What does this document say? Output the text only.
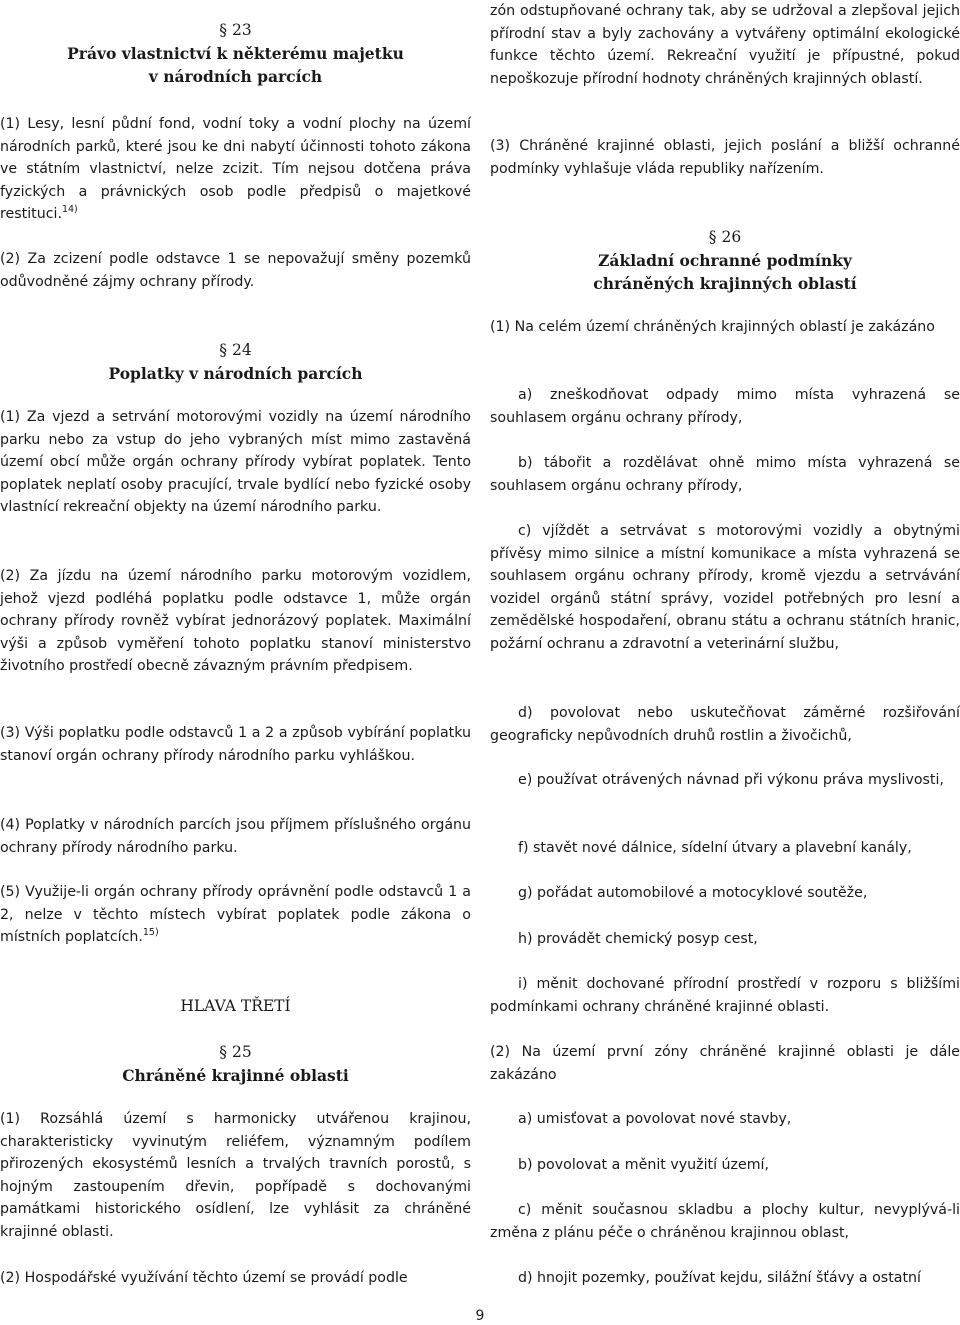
§ 23
Právo vlastnictví k některému majetku
v národních parcích
(1) Lesy, lesní půdní fond, vodní toky a vodní plochy na území národních parků, které jsou ke dni nabytí účinnosti tohoto zákona ve státním vlastnictví, nelze zcizit. Tím nejsou dotčena práva fyzických a právnických osob podle předpisů o majetkové restituci.$^{14)}$
(2) Za zcizení podle odstavce 1 se nepovažují směny pozemků odůvodněné zájmy ochrany přírody.
§ 24
Poplatky v národních parcích
(1) Za vjezd a setrvání motorovými vozidly na území národního parku nebo za vstup do jeho vybraných míst mimo zastavěná území obcí může orgán ochrany přírody vybírat poplatek. Tento poplatek neplatí osoby pracující, trvale bydlící nebo fyzické osoby vlastnící rekreační objekty na území národního parku.
(2) Za jízdu na území národního parku motorovým vozidlem, jehož vjezd podléhá poplatku podle odstavce 1, může orgán ochrany přírody rovněž vybírat jednorázový poplatek. Maximální výši a způsob vyměření tohoto poplatku stanoví ministerstvo životního prostředí obecně závazným právním předpisem.
(3) Výši poplatku podle odstavců 1 a 2 a způsob vybírání poplatku stanoví orgán ochrany přírody národního parku vyhláškou.
(4) Poplatky v národních parcích jsou příjmem příslušného orgánu ochrany přírody národního parku.
(5) Využije-li orgán ochrany přírody oprávnění podle odstavců 1 a 2, nelze v těchto místech vybírat poplatek podle zákona o místních poplatcích.$^{15)}$
HLAVA TŘETÍ
§ 25
Chráněné krajinné oblasti
(1) Rozsáhlá území s harmonicky utvářenou krajinou, charakteristicky vyvinutým reliéfem, významným podílem přirozených ekosystémů lesních a trvalých travních porostů, s hojným zastoupením dřevin, popřípadě s dochovanými památkami historického osídlení, lze vyhlásit za chráněné krajinné oblasti.
(2) Hospodářské využívání těchto území se provádí podle
zón odstupňované ochrany tak, aby se udržoval a zlepšoval jejich přírodní stav a byly zachovány a vytvářeny optimální ekologické funkce těchto území. Rekreační využití je přípustné, pokud nepoškozuje přírodní hodnoty chráněných krajinných oblastí.
(3) Chráněné krajinné oblasti, jejich poslání a bližší ochranné podmínky vyhlašuje vláda republiky nařízením.
§ 26
Základní ochranné podmínky
chráněných krajinných oblastí
(1) Na celém území chráněných krajinných oblastí je zakázáno
a) zneškodňovat odpady mimo místa vyhrazená se souhlasem orgánu ochrany přírody,
b) tábořit a rozdělávat ohně mimo místa vyhrazená se souhlasem orgánu ochrany přírody,
c) vjíždět a setrvávat s motorovými vozidly a obytnými přívěsy mimo silnice a místní komunikace a místa vyhrazená se souhlasem orgánu ochrany přírody, kromě vjezdu a setrvávání vozidel orgánů státní správy, vozidel potřebných pro lesní a zemědělské hospodaření, obranu státu a ochranu státních hranic, požární ochranu a zdravotní a veterinární službu,
d) povolovat nebo uskutečňovat záměrné rozšiřování geograficky nepůvodních druhů rostlin a živočichů,
e) používat otrávených návnad při výkonu práva myslivosti,
f) stavět nové dálnice, sídelní útvary a plavební kanály,
g) pořádat automobilové a motocyklové soutěže,
h) provádět chemický posyp cest,
i) měnit dochované přírodní prostředí v rozporu s bližšími podmínkami ochrany chráněné krajinné oblasti.
(2) Na území první zóny chráněné krajinné oblasti je dále zakázáno
a) umisťovat a povolovat nové stavby,
b) povolovat a měnit využití území,
c) měnit současnou skladbu a plochy kultur, nevyplývá-li změna z plánu péče o chráněnou krajinnou oblast,
d) hnojit pozemky, používat kejdu, silážní šťávy a ostatní
9
